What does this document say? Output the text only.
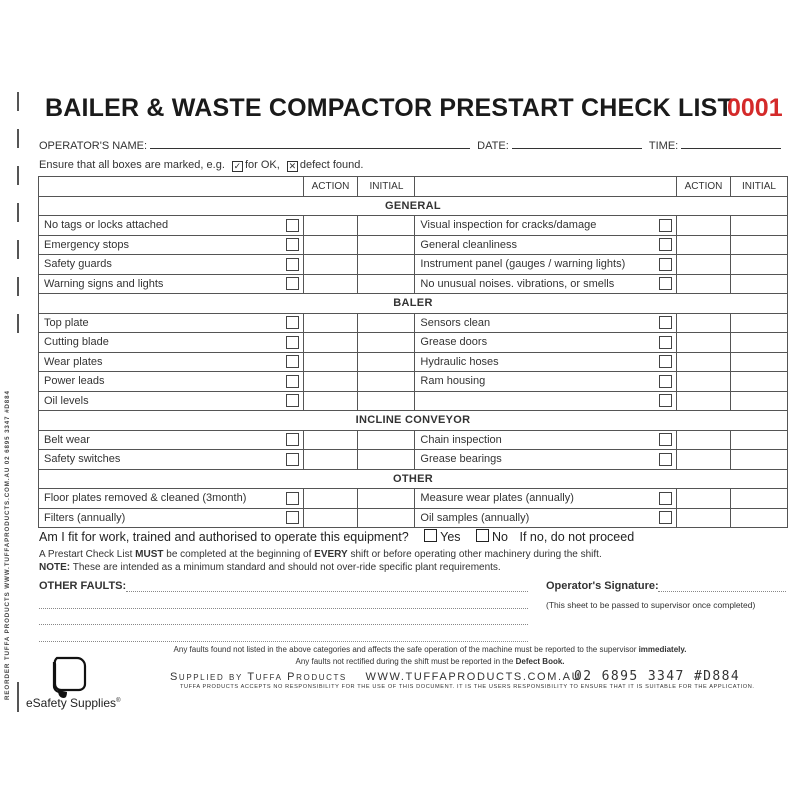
REORDER TUFFA PRODUCTS WWW.TUFFAPRODUCTS.COM.AU 02 6895 3347 #D884
BAILER & WASTE COMPACTOR PRESTART CHECK LIST
0001
OPERATOR'S NAME:	DATE:	TIME:
Ensure that all boxes are marked, e.g. ✓ for OK, ✕ defect found.
		ACTION	INITIAL			ACTION	INITIAL
GENERAL							
No tags or locks attached				Visual inspection for cracks/damage	

Emergency stops				General cleanliness	

Safety guards				Instrument panel (gauges / warning lights)	

Warning signs and lights				No unusual noises. vibrations, or smells	

BALER							
Top plate				Sensors clean	

Cutting blade				Grease doors	

Wear plates				Hydraulic hoses	

Power leads				Ram housing	

Oil levels	

INCLINE CONVEYOR							
Belt wear				Chain inspection	

Safety switches				Grease bearings	

OTHER							
Floor plates removed & cleaned (3month)				Measure wear plates (annually)	

Filters (annually)				Oil samples (annually)	

Am I fit for work, trained and authorised to operate this equipment?	Yes	No If no, do not proceed
A Prestart Check List MUST be completed at the beginning of EVERY shift or before operating other machinery during the shift.
NOTE: These are intended as a minimum standard and should not over-ride specific plant requirements.
OTHER FAULTS:	Operator's Signature:
(This sheet to be passed to supervisor once completed)
Any faults found not listed in the above categories and affects the safe operation of the machine must be reported to the supervisor immediately.
Any faults not rectified during the shift must be reported in the Defect Book.
Supplied by Tuffa Products WWW.TUFFAPRODUCTS.COM.AU
02 6895 3347 #D884
TUFFA PRODUCTS ACCEPTS NO RESPONSIBILITY FOR THE USE OF THIS DOCUMENT. IT IS THE USERS RESPONSIBILITY TO ENSURE THAT IT IS SUITABLE FOR THE APPLICATION.
eSafety Supplies®
